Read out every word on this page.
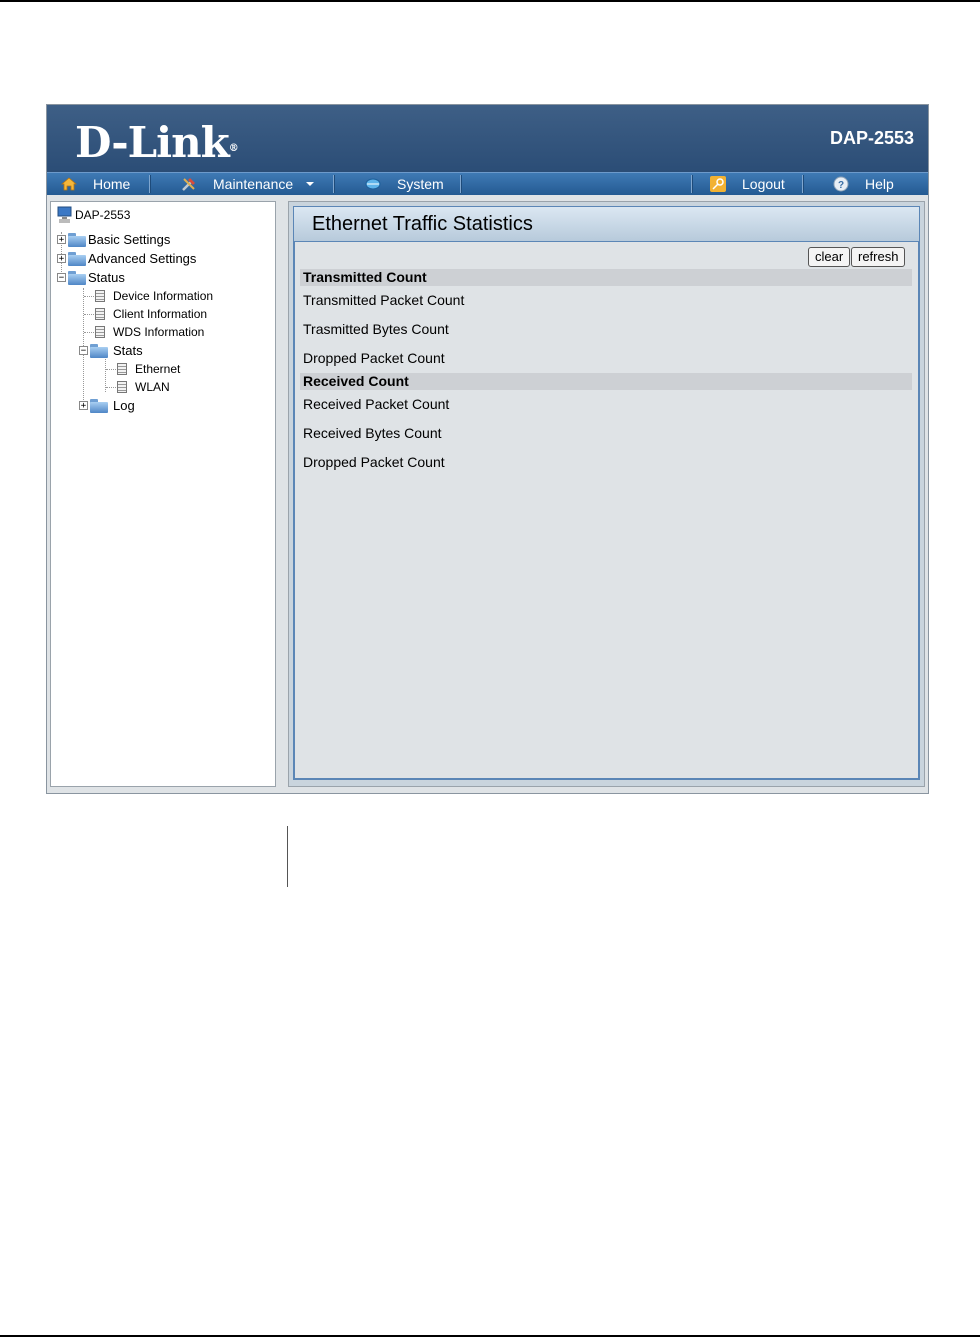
D-Link®
DAP-2553
Home	Maintenance	System	Logout	? Help
DAP-2553
+ Basic Settings
+ Advanced Settings
− Status
Device Information
Client Information
WDS Information
− Stats
Ethernet
WLAN
+ Log
Ethernet Traffic Statistics
clear	refresh
Transmitted Count
Transmitted Packet Count
Trasmitted Bytes Count
Dropped Packet Count
Received Count
Received Packet Count
Received Bytes Count
Dropped Packet Count
